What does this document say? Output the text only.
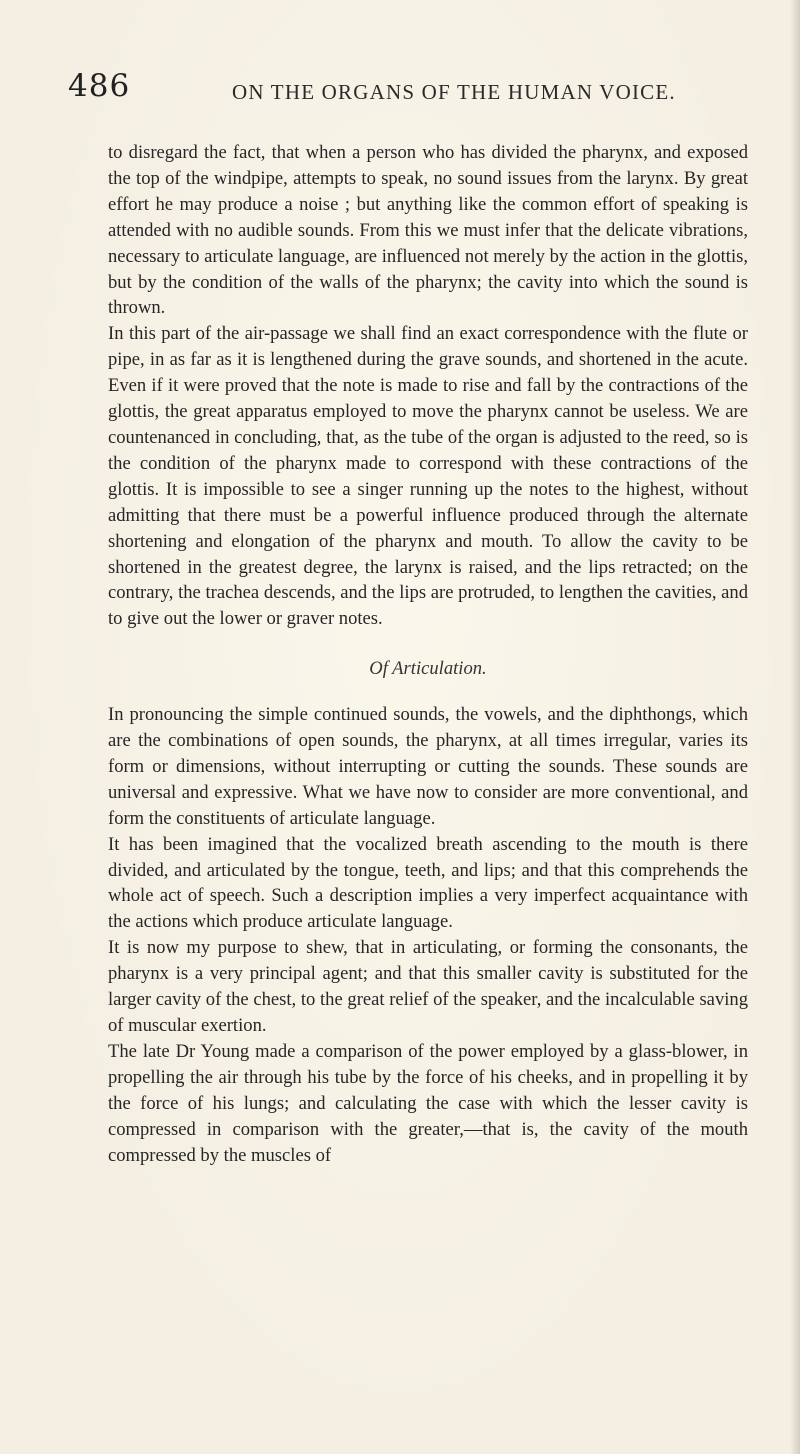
486	ON THE ORGANS OF THE HUMAN VOICE.

to disregard the fact, that when a person who has divided the pharynx, and exposed the top of the windpipe, attempts to speak, no sound issues from the larynx. By great effort he may produce a noise ; but anything like the common effort of speaking is attended with no audible sounds. From this we must infer that the delicate vibrations, necessary to articulate language, are influenced not merely by the action in the glottis, but by the condition of the walls of the pharynx; the cavity into which the sound is thrown.

In this part of the air-passage we shall find an exact correspondence with the flute or pipe, in as far as it is lengthened during the grave sounds, and shortened in the acute. Even if it were proved that the note is made to rise and fall by the contractions of the glottis, the great apparatus employed to move the pharynx cannot be useless. We are countenanced in concluding, that, as the tube of the organ is adjusted to the reed, so is the condition of the pharynx made to correspond with these contractions of the glottis. It is impossible to see a singer running up the notes to the highest, without admitting that there must be a powerful influence produced through the alternate shortening and elongation of the pharynx and mouth. To allow the cavity to be shortened in the greatest degree, the larynx is raised, and the lips retracted; on the contrary, the trachea descends, and the lips are protruded, to lengthen the cavities, and to give out the lower or graver notes.

Of Articulation.

In pronouncing the simple continued sounds, the vowels, and the diphthongs, which are the combinations of open sounds, the pharynx, at all times irregular, varies its form or dimensions, without interrupting or cutting the sounds. These sounds are universal and expressive. What we have now to consider are more conventional, and form the constituents of articulate language.

It has been imagined that the vocalized breath ascending to the mouth is there divided, and articulated by the tongue, teeth, and lips; and that this comprehends the whole act of speech. Such a description implies a very imperfect acquaintance with the actions which produce articulate language.

It is now my purpose to shew, that in articulating, or forming the consonants, the pharynx is a very principal agent; and that this smaller cavity is substituted for the larger cavity of the chest, to the great relief of the speaker, and the incalculable saving of muscular exertion.

The late Dr Young made a comparison of the power employed by a glass-blower, in propelling the air through his tube by the force of his cheeks, and in propelling it by the force of his lungs; and calculating the case with which the lesser cavity is compressed in comparison with the greater,—that is, the cavity of the mouth compressed by the muscles of
